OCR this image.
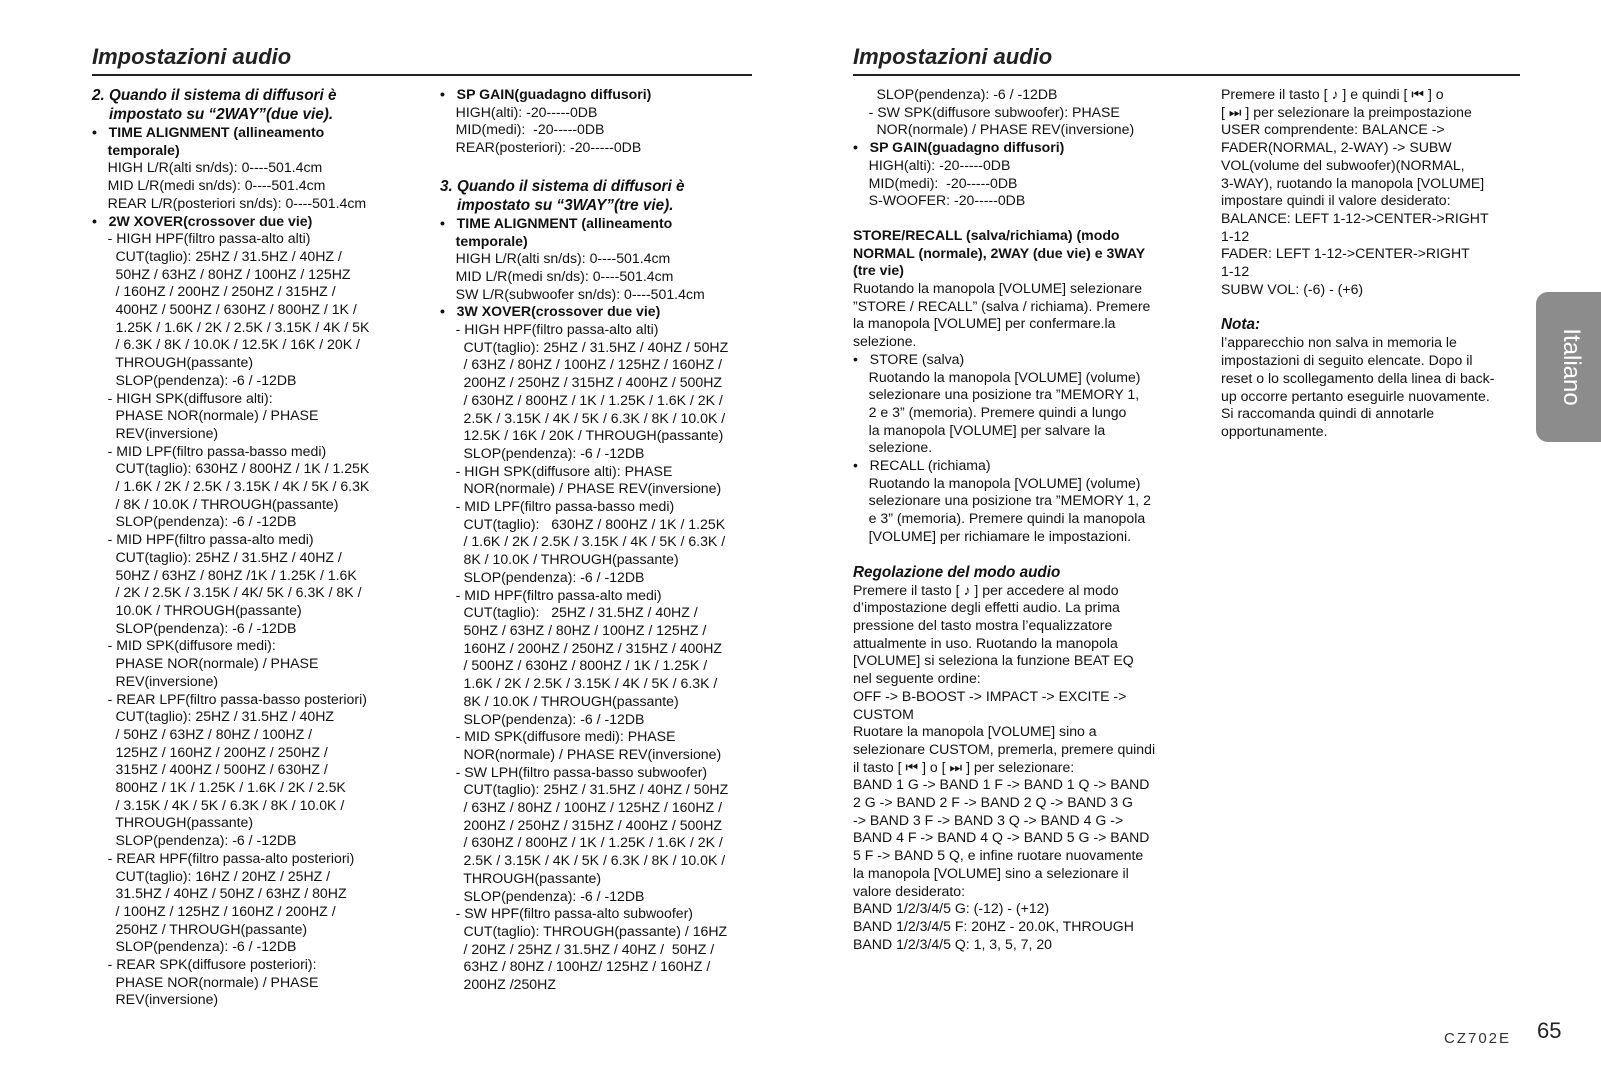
Impostazioni audio	Impostazioni audio
2. Quando il sistema di diffusori è
impostato su “2WAY”(due vie).
•   TIME ALIGNMENT (allineamento
temporale)
HIGH L/R(alti sn/ds): 0----501.4cm
MID L/R(medi sn/ds): 0----501.4cm
REAR L/R(posteriori sn/ds): 0----501.4cm
•   2W XOVER(crossover due vie)
- HIGH HPF(filtro passa-alto alti)
CUT(taglio): 25HZ / 31.5HZ / 40HZ /
50HZ / 63HZ / 80HZ / 100HZ / 125HZ
/ 160HZ / 200HZ / 250HZ / 315HZ /
400HZ / 500HZ / 630HZ / 800HZ / 1K /
1.25K / 1.6K / 2K / 2.5K / 3.15K / 4K / 5K
/ 6.3K / 8K / 10.0K / 12.5K / 16K / 20K /
THROUGH(passante)
SLOP(pendenza): -6 / -12DB
- HIGH SPK(diffusore alti):
PHASE NOR(normale) / PHASE
REV(inversione)
- MID LPF(filtro passa-basso medi)
CUT(taglio): 630HZ / 800HZ / 1K / 1.25K
/ 1.6K / 2K / 2.5K / 3.15K / 4K / 5K / 6.3K
/ 8K / 10.0K / THROUGH(passante)
SLOP(pendenza): -6 / -12DB
- MID HPF(filtro passa-alto medi)
CUT(taglio): 25HZ / 31.5HZ / 40HZ /
50HZ / 63HZ / 80HZ /1K / 1.25K / 1.6K
/ 2K / 2.5K / 3.15K / 4K/ 5K / 6.3K / 8K /
10.0K / THROUGH(passante)
SLOP(pendenza): -6 / -12DB
- MID SPK(diffusore medi):
PHASE NOR(normale) / PHASE
REV(inversione)
- REAR LPF(filtro passa-basso posteriori)
CUT(taglio): 25HZ / 31.5HZ / 40HZ
/ 50HZ / 63HZ / 80HZ / 100HZ /
125HZ / 160HZ / 200HZ / 250HZ /
315HZ / 400HZ / 500HZ / 630HZ /
800HZ / 1K / 1.25K / 1.6K / 2K / 2.5K
/ 3.15K / 4K / 5K / 6.3K / 8K / 10.0K /
THROUGH(passante)
SLOP(pendenza): -6 / -12DB
- REAR HPF(filtro passa-alto posteriori)
CUT(taglio): 16HZ / 20HZ / 25HZ /
31.5HZ / 40HZ / 50HZ / 63HZ / 80HZ
/ 100HZ / 125HZ / 160HZ / 200HZ /
250HZ / THROUGH(passante)
SLOP(pendenza): -6 / -12DB
- REAR SPK(diffusore posteriori):
PHASE NOR(normale) / PHASE
REV(inversione)
•   SP GAIN(guadagno diffusori)
HIGH(alti): -20-----0DB
MID(medi):  -20-----0DB
REAR(posteriori): -20-----0DB
3. Quando il sistema di diffusori è
impostato su “3WAY”(tre vie).
•   TIME ALIGNMENT (allineamento
temporale)
HIGH L/R(alti sn/ds): 0----501.4cm
MID L/R(medi sn/ds): 0----501.4cm
SW L/R(subwoofer sn/ds): 0----501.4cm
•   3W XOVER(crossover due vie)
- HIGH HPF(filtro passa-alto alti)
CUT(taglio): 25HZ / 31.5HZ / 40HZ / 50HZ
/ 63HZ / 80HZ / 100HZ / 125HZ / 160HZ /
200HZ / 250HZ / 315HZ / 400HZ / 500HZ
/ 630HZ / 800HZ / 1K / 1.25K / 1.6K / 2K /
2.5K / 3.15K / 4K / 5K / 6.3K / 8K / 10.0K /
12.5K / 16K / 20K / THROUGH(passante)
SLOP(pendenza): -6 / -12DB
- HIGH SPK(diffusore alti): PHASE
NOR(normale) / PHASE REV(inversione)
- MID LPF(filtro passa-basso medi)
CUT(taglio):   630HZ / 800HZ / 1K / 1.25K
/ 1.6K / 2K / 2.5K / 3.15K / 4K / 5K / 6.3K /
8K / 10.0K / THROUGH(passante)
SLOP(pendenza): -6 / -12DB
- MID HPF(filtro passa-alto medi)
CUT(taglio):   25HZ / 31.5HZ / 40HZ /
50HZ / 63HZ / 80HZ / 100HZ / 125HZ /
160HZ / 200HZ / 250HZ / 315HZ / 400HZ
/ 500HZ / 630HZ / 800HZ / 1K / 1.25K /
1.6K / 2K / 2.5K / 3.15K / 4K / 5K / 6.3K /
8K / 10.0K / THROUGH(passante)
SLOP(pendenza): -6 / -12DB
- MID SPK(diffusore medi): PHASE
NOR(normale) / PHASE REV(inversione)
- SW LPH(filtro passa-basso subwoofer)
CUT(taglio): 25HZ / 31.5HZ / 40HZ / 50HZ
/ 63HZ / 80HZ / 100HZ / 125HZ / 160HZ /
200HZ / 250HZ / 315HZ / 400HZ / 500HZ
/ 630HZ / 800HZ / 1K / 1.25K / 1.6K / 2K /
2.5K / 3.15K / 4K / 5K / 6.3K / 8K / 10.0K /
THROUGH(passante)
SLOP(pendenza): -6 / -12DB
- SW HPF(filtro passa-alto subwoofer)
CUT(taglio): THROUGH(passante) / 16HZ
/ 20HZ / 25HZ / 31.5HZ / 40HZ /  50HZ /
63HZ / 80HZ / 100HZ/ 125HZ / 160HZ /
200HZ /250HZ
SLOP(pendenza): -6 / -12DB
- SW SPK(diffusore subwoofer): PHASE
NOR(normale) / PHASE REV(inversione)
•   SP GAIN(guadagno diffusori)
HIGH(alti): -20-----0DB
MID(medi):  -20-----0DB
S-WOOFER: -20-----0DB
STORE/RECALL (salva/richiama) (modo
NORMAL (normale), 2WAY (due vie) e 3WAY
(tre vie)
Ruotando la manopola [VOLUME] selezionare
”STORE / RECALL” (salva / richiama). Premere
la manopola [VOLUME] per confermare.la
selezione.
•   STORE (salva)
Ruotando la manopola [VOLUME] (volume)
selezionare una posizione tra ”MEMORY 1,
2 e 3” (memoria). Premere quindi a lungo
la manopola [VOLUME] per salvare la
selezione.
•   RECALL (richiama)
Ruotando la manopola [VOLUME] (volume)
selezionare una posizione tra ”MEMORY 1, 2
e 3” (memoria). Premere quindi la manopola
[VOLUME] per richiamare le impostazioni.
Regolazione del modo audio
Premere il tasto [ ♪ ] per accedere al modo
d’impostazione degli effetti audio. La prima
pressione del tasto mostra l’equalizzatore
attualmente in uso. Ruotando la manopola
[VOLUME] si seleziona la funzione BEAT EQ
nel seguente ordine:
OFF -> B-BOOST -> IMPACT -> EXCITE ->
CUSTOM
Ruotare la manopola [VOLUME] sino a
selezionare CUSTOM, premerla, premere quindi
il tasto [ ⏮ ] o [ ⏭ ] per selezionare:
BAND 1 G -> BAND 1 F -> BAND 1 Q -> BAND
2 G -> BAND 2 F -> BAND 2 Q -> BAND 3 G
-> BAND 3 F -> BAND 3 Q -> BAND 4 G ->
BAND 4 F -> BAND 4 Q -> BAND 5 G -> BAND
5 F -> BAND 5 Q, e infine ruotare nuovamente
la manopola [VOLUME] sino a selezionare il
valore desiderato:
BAND 1/2/3/4/5 G: (-12) - (+12)
BAND 1/2/3/4/5 F: 20HZ - 20.0K, THROUGH
BAND 1/2/3/4/5 Q: 1, 3, 5, 7, 20
Premere il tasto [ ♪ ] e quindi [ ⏮ ] o
[ ⏭ ] per selezionare la preimpostazione
USER comprendente: BALANCE ->
FADER(NORMAL, 2-WAY) -> SUBW
VOL(volume del subwoofer)(NORMAL,
3-WAY), ruotando la manopola [VOLUME]
impostare quindi il valore desiderato:
BALANCE: LEFT 1-12->CENTER->RIGHT
1-12
FADER: LEFT 1-12->CENTER->RIGHT
1-12
SUBW VOL: (-6) - (+6)
Nota:
l’apparecchio non salva in memoria le
impostazioni di seguito elencate. Dopo il
reset o lo scollegamento della linea di back-
up occorre pertanto eseguirle nuovamente.
Si raccomanda quindi di annotarle
opportunamente.
Italiano
CZ702E 65
